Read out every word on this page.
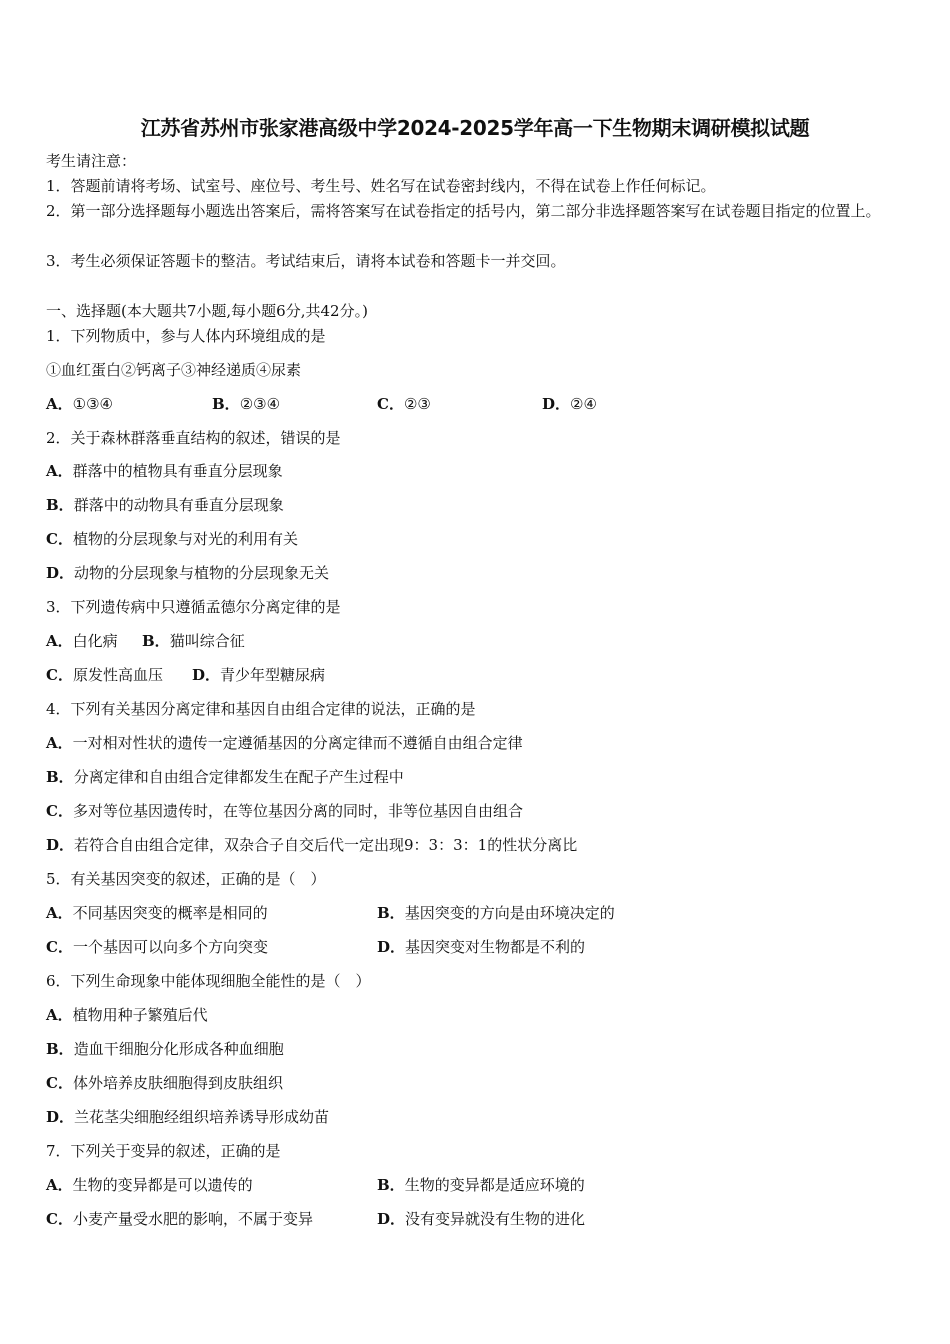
江苏省苏州市张家港高级中学2024-2025学年高一下生物期末调研模拟试题
考生请注意：
1．答题前请将考场、试室号、座位号、考生号、姓名写在试卷密封线内，不得在试卷上作任何标记。
2．第一部分选择题每小题选出答案后，需将答案写在试卷指定的括号内，第二部分非选择题答案写在试卷题目指定的位置上。
3．考生必须保证答题卡的整洁。考试结束后，请将本试卷和答题卡一并交回。
一、选择题(本大题共7小题,每小题6分,共42分。)
1．下列物质中，参与人体内环境组成的是
①血红蛋白②钙离子③神经递质④尿素
A．①③④	B．②③④	C．②③	D．②④
2．关于森林群落垂直结构的叙述，错误的是
A．群落中的植物具有垂直分层现象
B．群落中的动物具有垂直分层现象
C．植物的分层现象与对光的利用有关
D．动物的分层现象与植物的分层现象无关
3．下列遗传病中只遵循孟德尔分离定律的是
A．白化病 B．猫叫综合征
C．原发性高血压 D．青少年型糖尿病
4．下列有关基因分离定律和基因自由组合定律的说法，正确的是
A．一对相对性状的遗传一定遵循基因的分离定律而不遵循自由组合定律
B．分离定律和自由组合定律都发生在配子产生过程中
C．多对等位基因遗传时，在等位基因分离的同时，非等位基因自由组合
D．若符合自由组合定律，双杂合子自交后代一定出现9：3：3：1的性状分离比
5．有关基因突变的叙述，正确的是（　）
A．不同基因突变的概率是相同的	B．基因突变的方向是由环境决定的
C．一个基因可以向多个方向突变	D．基因突变对生物都是不利的
6．下列生命现象中能体现细胞全能性的是（　）
A．植物用种子繁殖后代
B．造血干细胞分化形成各种血细胞
C．体外培养皮肤细胞得到皮肤组织
D．兰花茎尖细胞经组织培养诱导形成幼苗
7．下列关于变异的叙述，正确的是
A．生物的变异都是可以遗传的	B．生物的变异都是适应环境的
C．小麦产量受水肥的影响，不属于变异	D．没有变异就没有生物的进化
